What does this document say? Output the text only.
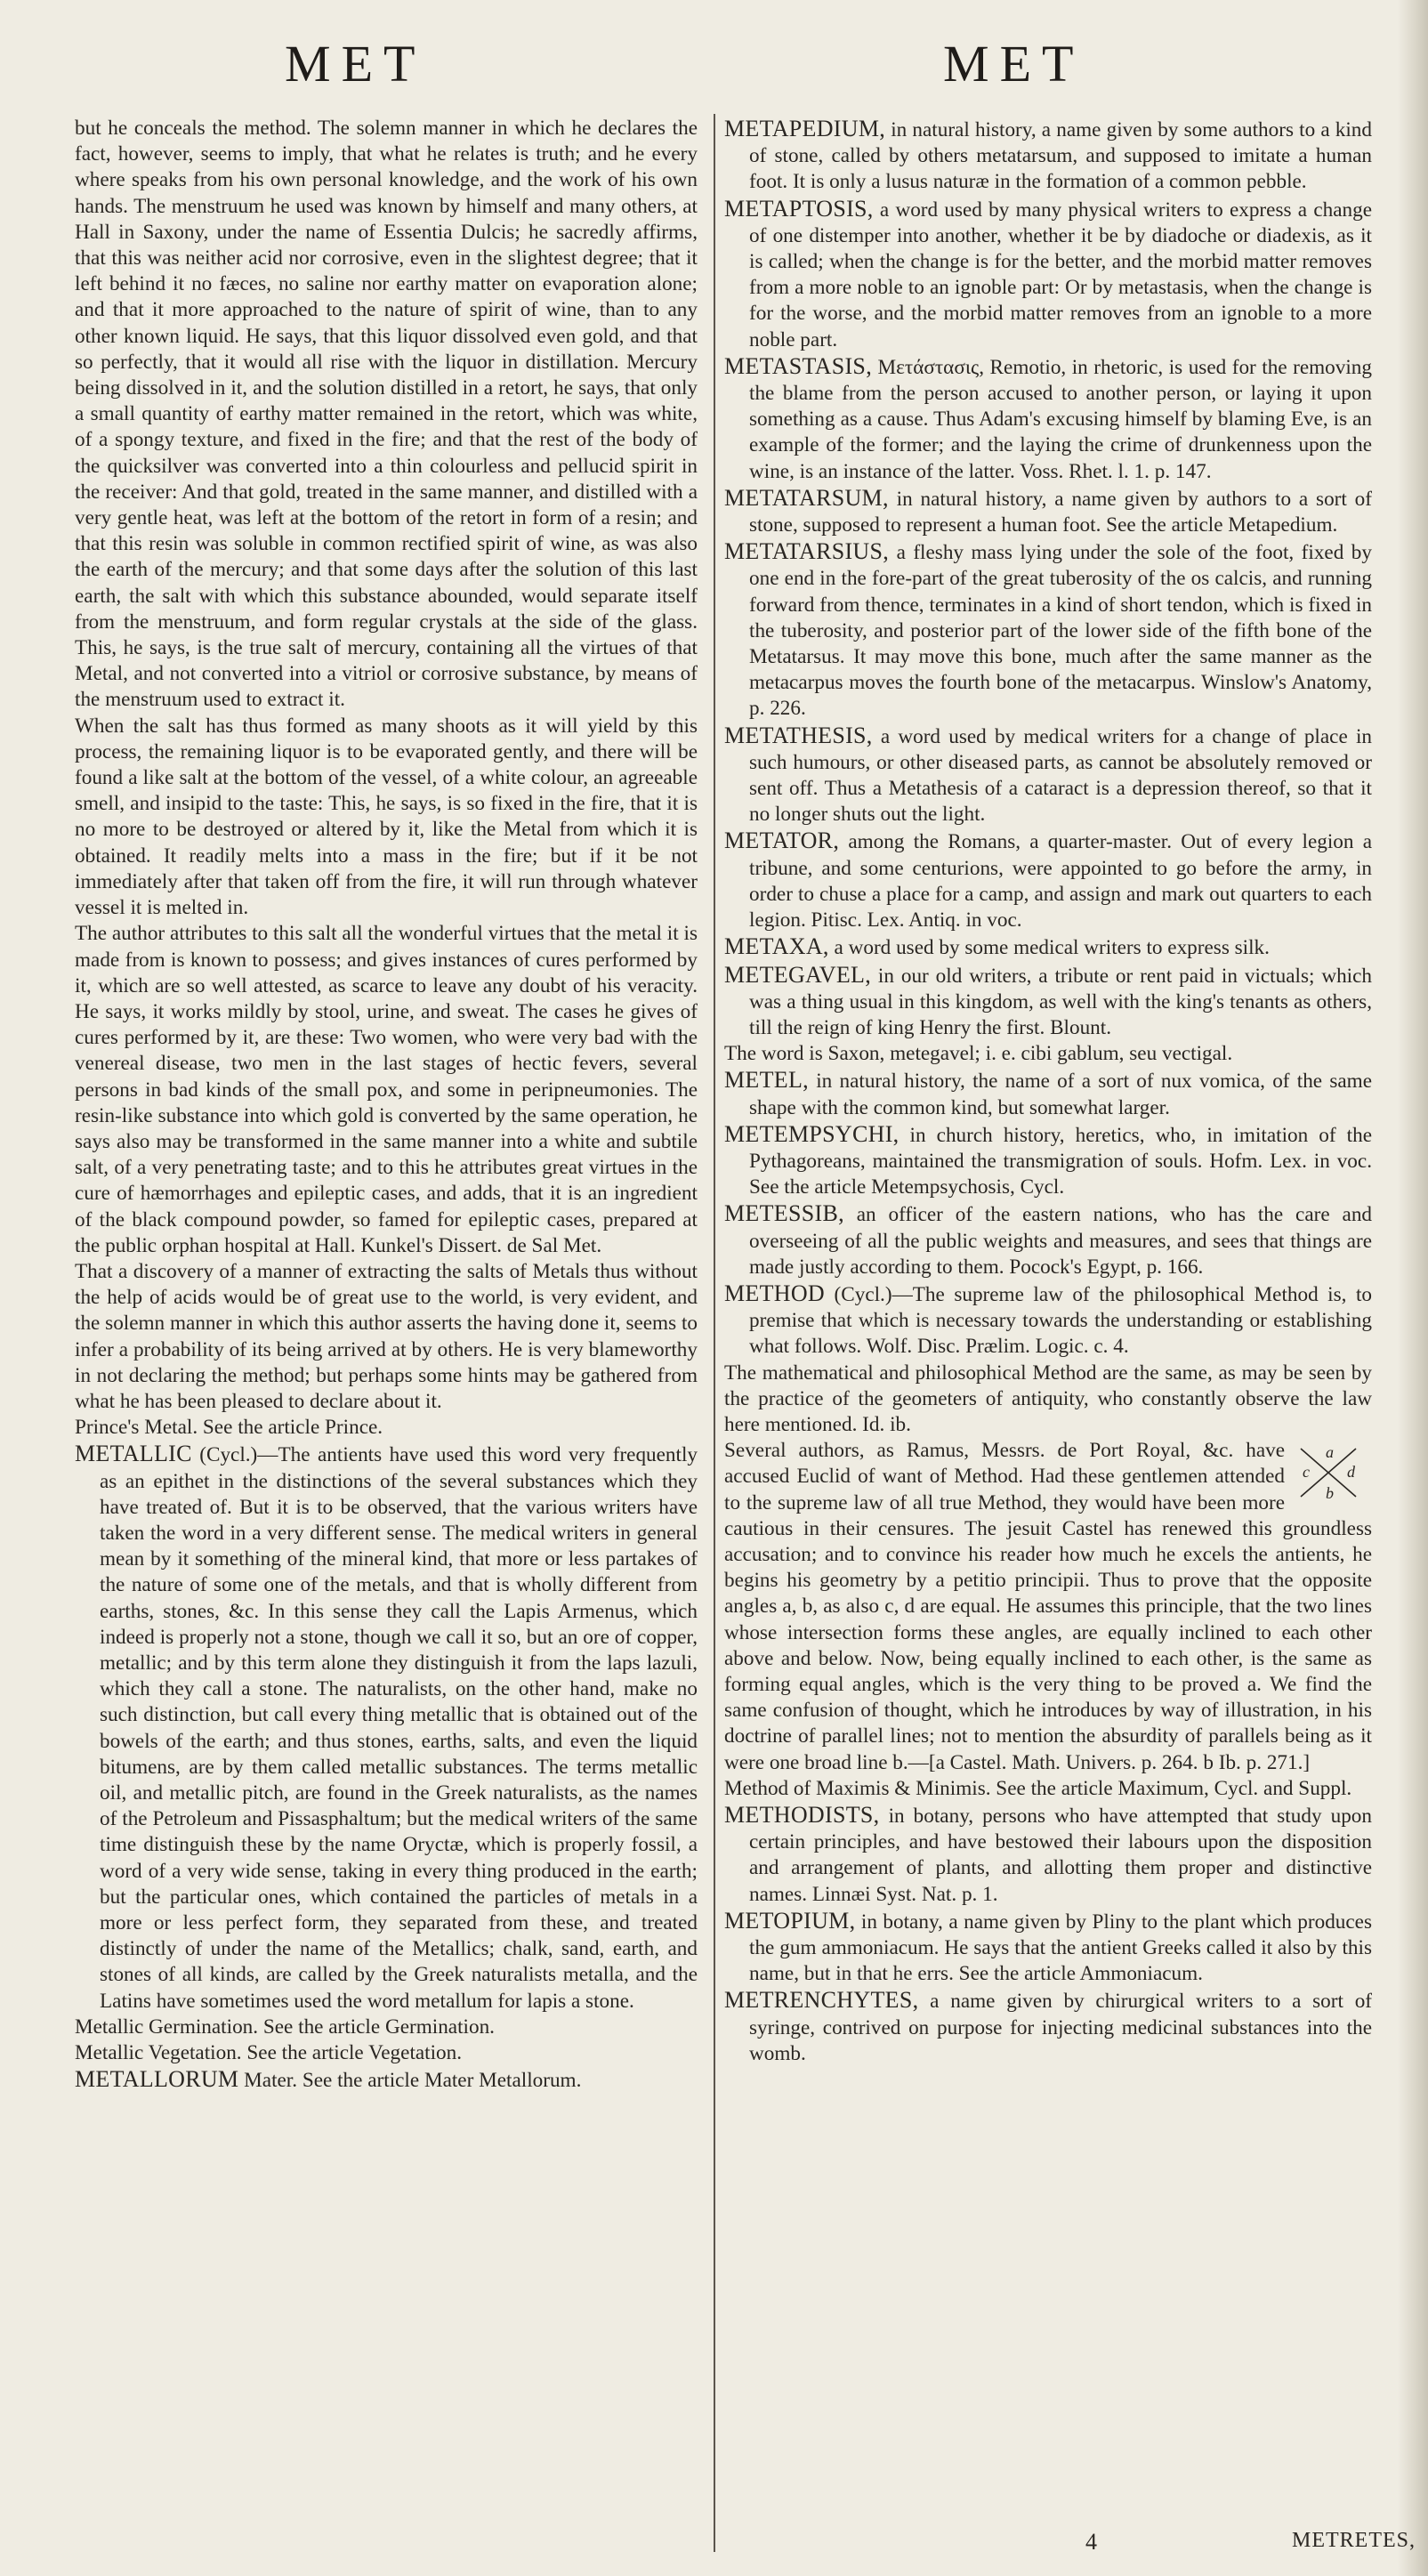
MET	MET

but he conceals the method. The solemn manner in which he declares the fact, however, seems to imply, that what he relates is truth; and he every where speaks from his own personal knowledge, and the work of his own hands. The menstruum he used was known by himself and many others, at Hall in Saxony, under the name of Essentia Dulcis; he sacredly affirms, that this was neither acid nor corrosive, even in the slightest degree; that it left behind it no fæces, no saline nor earthy matter on evaporation alone; and that it more approached to the nature of spirit of wine, than to any other known liquid. He says, that this liquor dissolved even gold, and that so perfectly, that it would all rise with the liquor in distillation. Mercury being dissolved in it, and the solution distilled in a retort, he says, that only a small quantity of earthy matter remained in the retort, which was white, of a spongy texture, and fixed in the fire; and that the rest of the body of the quicksilver was converted into a thin colourless and pellucid spirit in the receiver: And that gold, treated in the same manner, and distilled with a very gentle heat, was left at the bottom of the retort in form of a resin; and that this resin was soluble in common rectified spirit of wine, as was also the earth of the mercury; and that some days after the solution of this last earth, the salt with which this substance abounded, would separate itself from the menstruum, and form regular crystals at the side of the glass. This, he says, is the true salt of mercury, containing all the virtues of that Metal, and not converted into a vitriol or corrosive substance, by means of the menstruum used to extract it.

When the salt has thus formed as many shoots as it will yield by this process, the remaining liquor is to be evaporated gently, and there will be found a like salt at the bottom of the vessel, of a white colour, an agreeable smell, and insipid to the taste: This, he says, is so fixed in the fire, that it is no more to be destroyed or altered by it, like the Metal from which it is obtained. It readily melts into a mass in the fire; but if it be not immediately after that taken off from the fire, it will run through whatever vessel it is melted in.

The author attributes to this salt all the wonderful virtues that the metal it is made from is known to possess; and gives instances of cures performed by it, which are so well attested, as scarce to leave any doubt of his veracity. He says, it works mildly by stool, urine, and sweat. The cases he gives of cures performed by it, are these: Two women, who were very bad with the venereal disease, two men in the last stages of hectic fevers, several persons in bad kinds of the small pox, and some in peripneumonies. The resin-like substance into which gold is converted by the same operation, he says also may be transformed in the same manner into a white and subtile salt, of a very penetrating taste; and to this he attributes great virtues in the cure of hæmorrhages and epileptic cases, and adds, that it is an ingredient of the black compound powder, so famed for epileptic cases, prepared at the public orphan hospital at Hall. Kunkel's Dissert. de Sal Met.

That a discovery of a manner of extracting the salts of Metals thus without the help of acids would be of great use to the world, is very evident, and the solemn manner in which this author asserts the having done it, seems to infer a probability of its being arrived at by others. He is very blameworthy in not declaring the method; but perhaps some hints may be gathered from what he has been pleased to declare about it.

Prince's Metal. See the article Prince.

METALLIC (Cycl.)—The antients have used this word very frequently as an epithet in the distinctions of the several substances which they have treated of. But it is to be observed, that the various writers have taken the word in a very different sense. The medical writers in general mean by it something of the mineral kind, that more or less partakes of the nature of some one of the metals, and that is wholly different from earths, stones, &c. In this sense they call the Lapis Armenus, which indeed is properly not a stone, though we call it so, but an ore of copper, metallic; and by this term alone they distinguish it from the laps lazuli, which they call a stone. The naturalists, on the other hand, make no such distinction, but call every thing metallic that is obtained out of the bowels of the earth; and thus stones, earths, salts, and even the liquid bitumens, are by them called metallic substances. The terms metallic oil, and metallic pitch, are found in the Greek naturalists, as the names of the Petroleum and Pissasphaltum; but the medical writers of the same time distinguish these by the name Oryctæ, which is properly fossil, a word of a very wide sense, taking in every thing produced in the earth; but the particular ones, which contained the particles of metals in a more or less perfect form, they separated from these, and treated distinctly of under the name of the Metallics; chalk, sand, earth, and stones of all kinds, are called by the Greek naturalists metalla, and the Latins have sometimes used the word metallum for lapis a stone.

Metallic Germination. See the article Germination.

Metallic Vegetation. See the article Vegetation.

METALLORUM Mater. See the article Mater Metallorum.

METAPEDIUM, in natural history, a name given by some authors to a kind of stone, called by others metatarsum, and supposed to imitate a human foot. It is only a lusus naturæ in the formation of a common pebble.

METAPTOSIS, a word used by many physical writers to express a change of one distemper into another, whether it be by diadoche or diadexis, as it is called; when the change is for the better, and the morbid matter removes from a more noble to an ignoble part: Or by metastasis, when the change is for the worse, and the morbid matter removes from an ignoble to a more noble part.

METASTASIS, Μετάστασις, Remotio, in rhetoric, is used for the removing the blame from the person accused to another person, or laying it upon something as a cause. Thus Adam's excusing himself by blaming Eve, is an example of the former; and the laying the crime of drunkenness upon the wine, is an instance of the latter. Voss. Rhet. l. 1. p. 147.

METATARSUM, in natural history, a name given by authors to a sort of stone, supposed to represent a human foot. See the article Metapedium.

METATARSIUS, a fleshy mass lying under the sole of the foot, fixed by one end in the fore-part of the great tuberosity of the os calcis, and running forward from thence, terminates in a kind of short tendon, which is fixed in the tuberosity, and posterior part of the lower side of the fifth bone of the Metatarsus. It may move this bone, much after the same manner as the metacarpus moves the fourth bone of the metacarpus. Winslow's Anatomy, p. 226.

METATHESIS, a word used by medical writers for a change of place in such humours, or other diseased parts, as cannot be absolutely removed or sent off. Thus a Metathesis of a cataract is a depression thereof, so that it no longer shuts out the light.

METATOR, among the Romans, a quarter-master. Out of every legion a tribune, and some centurions, were appointed to go before the army, in order to chuse a place for a camp, and assign and mark out quarters to each legion. Pitisc. Lex. Antiq. in voc.

METAXA, a word used by some medical writers to express silk.

METEGAVEL, in our old writers, a tribute or rent paid in victuals; which was a thing usual in this kingdom, as well with the king's tenants as others, till the reign of king Henry the first. Blount.

The word is Saxon, metegavel; i. e. cibi gablum, seu vectigal.

METEL, in natural history, the name of a sort of nux vomica, of the same shape with the common kind, but somewhat larger.

METEMPSYCHI, in church history, heretics, who, in imitation of the Pythagoreans, maintained the transmigration of souls. Hofm. Lex. in voc. See the article Metempsychosis, Cycl.

METESSIB, an officer of the eastern nations, who has the care and overseeing of all the public weights and measures, and sees that things are made justly according to them. Pocock's Egypt, p. 166.

METHOD (Cycl.)—The supreme law of the philosophical Method is, to premise that which is necessary towards the understanding or establishing what follows. Wolf. Disc. Prælim. Logic. c. 4.

The mathematical and philosophical Method are the same, as may be seen by the practice of the geometers of antiquity, who constantly observe the law here mentioned. Id. ib.

a
c d
b
Several authors, as Ramus, Messrs. de Port Royal, &c. have accused Euclid of want of Method. Had these gentlemen attended to the supreme law of all true Method, they would have been more cautious in their censures. The jesuit Castel has renewed this groundless accusation; and to convince his reader how much he excels the antients, he begins his geometry by a petitio principii. Thus to prove that the opposite angles a, b, as also c, d are equal. He assumes this principle, that the two lines whose intersection forms these angles, are equally inclined to each other above and below. Now, being equally inclined to each other, is the same as forming equal angles, which is the very thing to be proved a. We find the same confusion of thought, which he introduces by way of illustration, in his doctrine of parallel lines; not to mention the absurdity of parallels being as it were one broad line b.—[a Castel. Math. Univers. p. 264. b Ib. p. 271.]

Method of Maximis & Minimis. See the article Maximum, Cycl. and Suppl.

METHODISTS, in botany, persons who have attempted that study upon certain principles, and have bestowed their labours upon the disposition and arrangement of plants, and allotting them proper and distinctive names. Linnæi Syst. Nat. p. 1.

METOPIUM, in botany, a name given by Pliny to the plant which produces the gum ammoniacum. He says that the antient Greeks called it also by this name, but in that he errs. See the article Ammoniacum.

METRENCHYTES, a name given by chirurgical writers to a sort of syringe, contrived on purpose for injecting medicinal substances into the womb.

4	METRETES,
